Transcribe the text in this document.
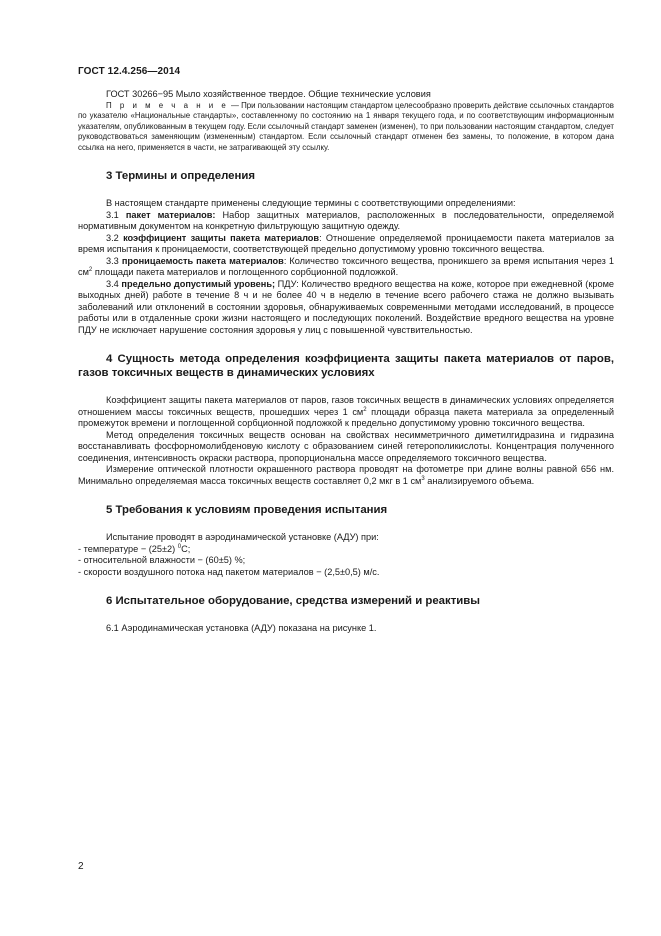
ГОСТ 12.4.256—2014

ГОСТ 30266−95 Мыло хозяйственное твердое. Общие технические условия

П р и м е ч а н и е — При пользовании настоящим стандартом целесообразно проверить действие ссылочных стандартов по указателю «Национальные стандарты», составленному по состоянию на 1 января текущего года, и по соответствующим информационным указателям, опубликованным в текущем году. Если ссылочный стандарт заменен (изменен), то при пользовании настоящим стандартом, следует руководствоваться заменяющим (измененным) стандартом. Если ссылочный стандарт отменен без замены, то положение, в котором дана ссылка на него, применяется в части, не затрагивающей эту ссылку.

3 Термины и определения

В настоящем стандарте применены следующие термины с соответствующими определениями:

3.1 пакет материалов: Набор защитных материалов, расположенных в последовательности, определяемой нормативным документом на конкретную фильтрующую защитную одежду.

3.2 коэффициент защиты пакета материалов: Отношение определяемой проницаемости пакета материалов за время испытания к проницаемости, соответствующей предельно допустимому уровню токсичного вещества.

3.3 проницаемость пакета материалов: Количество токсичного вещества, проникшего за время испытания через 1 $см^2$ площади пакета материалов и поглощенного сорбционной подложкой.

3.4 предельно допустимый уровень; ПДУ: Количество вредного вещества на коже, которое при ежедневной (кроме выходных дней) работе в течение 8 ч и не более 40 ч в неделю в течение всего рабочего стажа не должно вызывать заболеваний или отклонений в состоянии здоровья, обнаруживаемых современными методами исследований, в процессе работы или в отдаленные сроки жизни настоящего и последующих поколений. Воздействие вредного вещества на уровне ПДУ не исключает нарушение состояния здоровья у лиц с повышенной чувствительностью.

4 Сущность метода определения коэффициента защиты пакета материалов от паров, газов токсичных веществ в динамических условиях

Коэффициент защиты пакета материалов от паров, газов токсичных веществ в динамических условиях определяется отношением массы токсичных веществ, прошедших через 1 $см^2$ площади образца пакета материала за определенный промежуток времени и поглощенной сорбционной подложкой к предельно допустимому уровню токсичного вещества.

Метод определения токсичных веществ основан на свойствах несимметричного диметилгидразина и гидразина восстанавливать фосфорномолибденовую кислоту с образованием синей гетерополикислоты. Концентрация полученного соединения, интенсивность окраски раствора, пропорциональна массе определяемого токсичного вещества.

Измерение оптической плотности окрашенного раствора проводят на фотометре при длине волны равной 656 нм. Минимально определяемая масса токсичных веществ составляет 0,2 мкг в 1 $см^3$ анализируемого объема.

5 Требования к условиям проведения испытания

Испытание проводят в аэродинамической установке (АДУ) при:

- температуре − (25±2) $^0$С;

- относительной влажности − (60±5) %;

- скорости воздушного потока над пакетом материалов − (2,5±0,5) м/с.

6 Испытательное оборудование, средства измерений и реактивы

6.1 Аэродинамическая установка (АДУ) показана на рисунке 1.

2
